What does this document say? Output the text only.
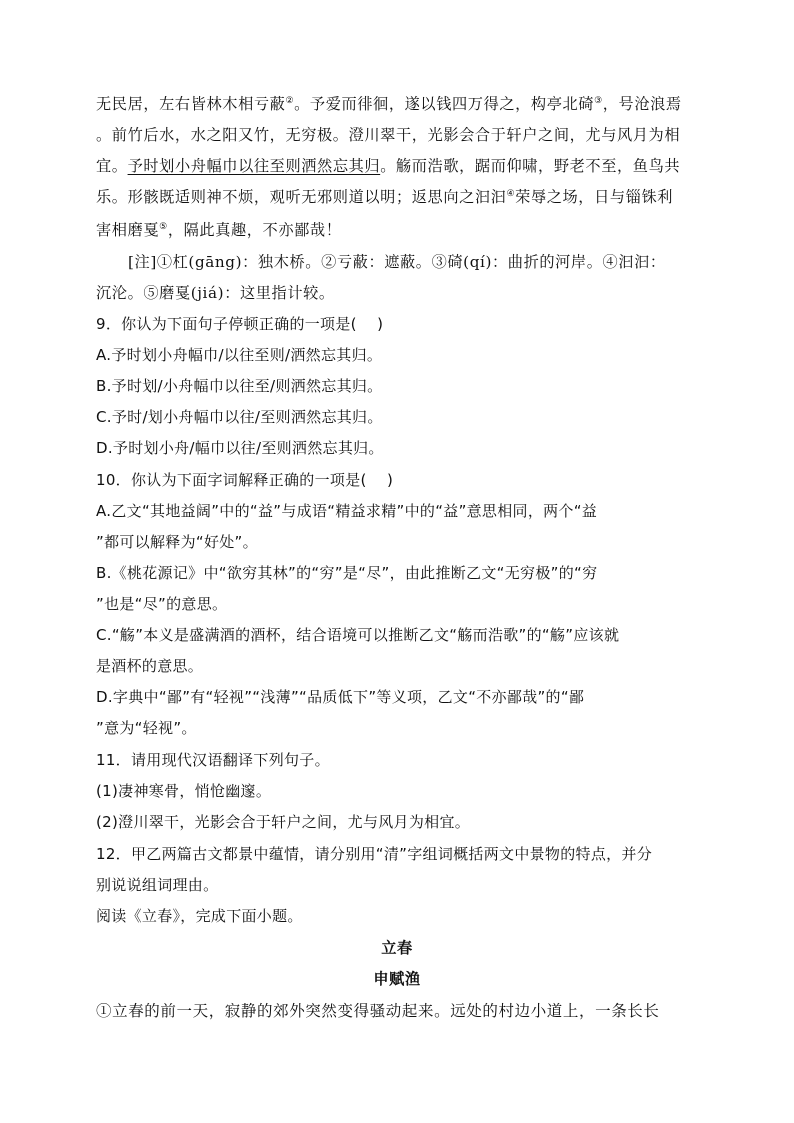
无民居，左右皆林木相亏蔽②。予爱而徘徊，遂以钱四万得之，构亭北碕③，号沧浪焉
。前竹后水，水之阳又竹，无穷极。澄川翠干，光影会合于轩户之间，尤与风月为相
宜。予时划小舟幅巾以往至则洒然忘其归。觞而浩歌，踞而仰啸，野老不至，鱼鸟共
乐。形骸既适则神不烦，观听无邪则道以明；返思向之汩汩④荣辱之场，日与锱铢利
害相磨戛⑤，隔此真趣，不亦鄙哉！
[注]①杠(gāng)：独木桥。②亏蔽：遮蔽。③碕(qí)：曲折的河岸。④汩汩：
沉沦。⑤磨戛(jiá)：这里指计较。
9．你认为下面句子停顿正确的一项是(　 )
A.予时划小舟幅巾/以往至则/洒然忘其归。
B.予时划/小舟幅巾以往至/则洒然忘其归。
C.予时/划小舟幅巾以往/至则洒然忘其归。
D.予时划小舟/幅巾以往/至则洒然忘其归。
10．你认为下面字词解释正确的一项是(　 )
A.乙文“其地益阔”中的“益”与成语“精益求精”中的“益”意思相同，两个“益
”都可以解释为“好处”。
B.《桃花源记》中“欲穷其林”的“穷”是“尽”，由此推断乙文“无穷极”的“穷
”也是“尽”的意思。
C.“觞”本义是盛满酒的酒杯，结合语境可以推断乙文“觞而浩歌”的“觞”应该就
是酒杯的意思。
D.字典中“鄙”有“轻视”“浅薄”“品质低下”等义项，乙文“不亦鄙哉”的“鄙
”意为“轻视”。
11．请用现代汉语翻译下列句子。
(1)凄神寒骨，悄怆幽邃。
(2)澄川翠干，光影会合于轩户之间，尤与风月为相宜。
12．甲乙两篇古文都景中蕴情，请分别用“清”字组词概括两文中景物的特点，并分
别说说组词理由。
阅读《立春》，完成下面小题。
立春
申赋渔
①立春的前一天，寂静的郊外突然变得骚动起来。远处的村边小道上，一条长长
